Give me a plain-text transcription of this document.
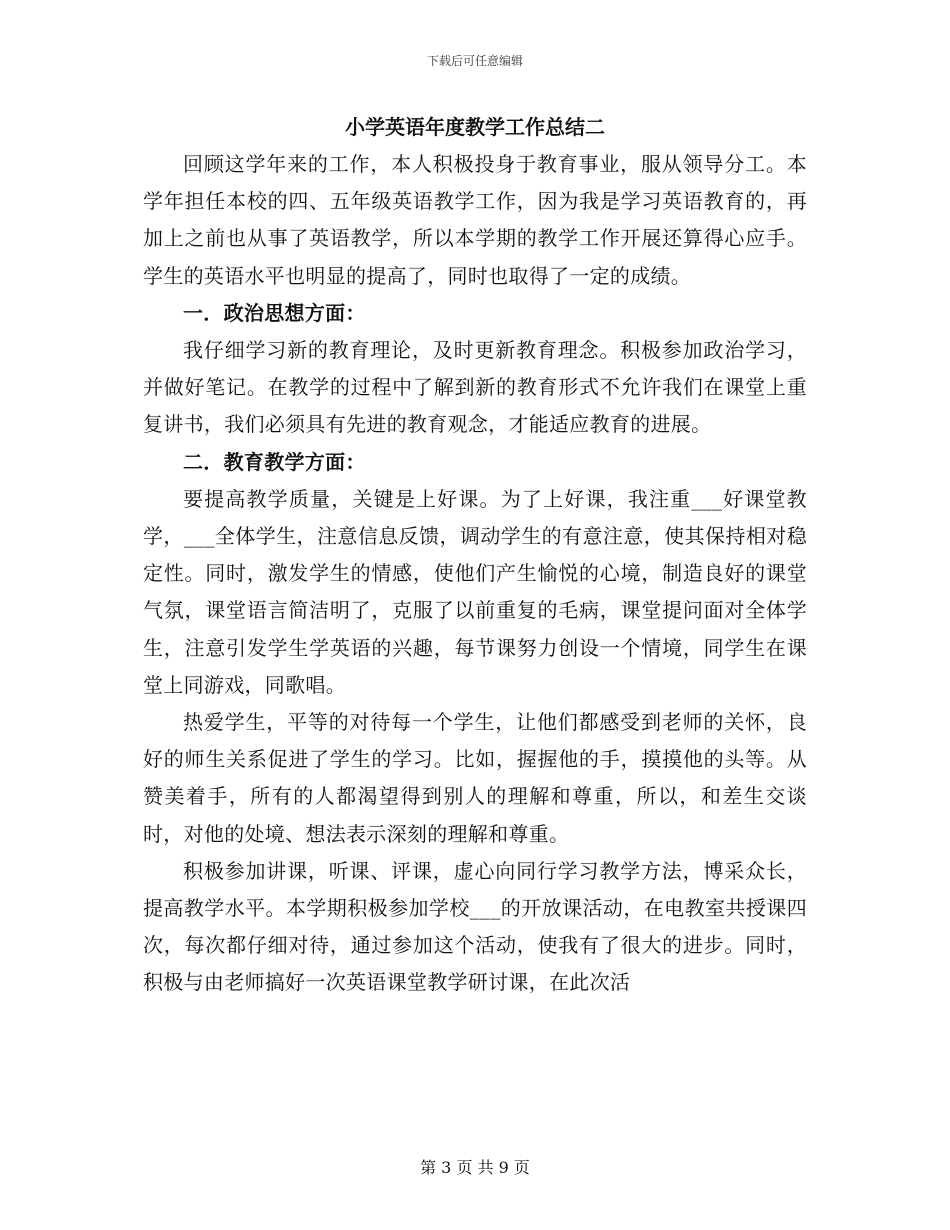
下载后可任意编辑
小学英语年度教学工作总结二

回顾这学年来的工作，本人积极投身于教育事业，服从领导分工。本学年担任本校的四、五年级英语教学工作，因为我是学习英语教育的，再加上之前也从事了英语教学，所以本学期的教学工作开展还算得心应手。学生的英语水平也明显的提高了，同时也取得了一定的成绩。

一．政治思想方面：

我仔细学习新的教育理论，及时更新教育理念。积极参加政治学习，并做好笔记。在教学的过程中了解到新的教育形式不允许我们在课堂上重复讲书，我们必须具有先进的教育观念，才能适应教育的进展。

二．教育教学方面：

要提高教学质量，关键是上好课。为了上好课，我注重___好课堂教学，___全体学生，注意信息反馈，调动学生的有意注意，使其保持相对稳定性。同时，激发学生的情感，使他们产生愉悦的心境，制造良好的课堂气氛，课堂语言简洁明了，克服了以前重复的毛病，课堂提问面对全体学生，注意引发学生学英语的兴趣，每节课努力创设一个情境，同学生在课堂上同游戏，同歌唱。

热爱学生，平等的对待每一个学生，让他们都感受到老师的关怀，良好的师生关系促进了学生的学习。比如，握握他的手，摸摸他的头等。从赞美着手，所有的人都渴望得到别人的理解和尊重，所以，和差生交谈时，对他的处境、想法表示深刻的理解和尊重。

积极参加讲课，听课、评课，虚心向同行学习教学方法，博采众长，提高教学水平。本学期积极参加学校___的开放课活动，在电教室共授课四次，每次都仔细对待，通过参加这个活动，使我有了很大的进步。同时，积极与由老师搞好一次英语课堂教学研讨课，在此次活

第 3 页 共 9 页
